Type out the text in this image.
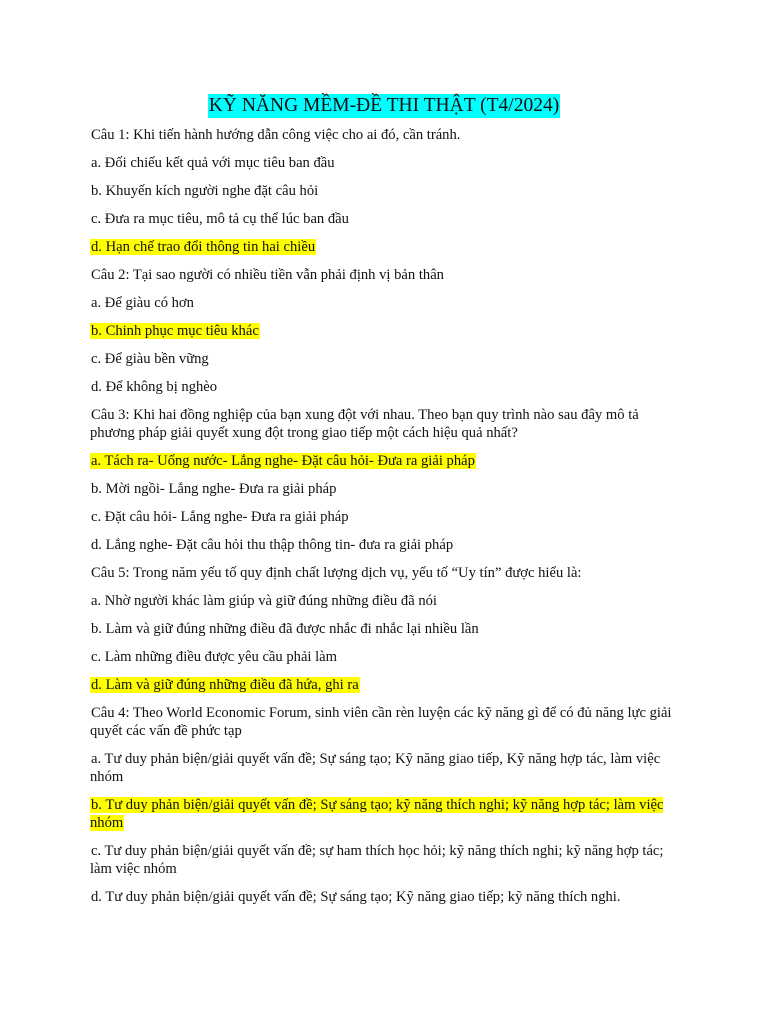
KỸ NĂNG MỀM-ĐỀ THI THẬT (T4/2024)

Câu 1: Khi tiến hành hướng dẫn công việc cho ai đó, cần tránh.

a. Đối chiếu kết quả với mục tiêu ban đầu

b. Khuyến kích người nghe đặt câu hỏi

c. Đưa ra mục tiêu, mô tả cụ thể lúc ban đầu

d. Hạn chế trao đổi thông tin hai chiều

Câu 2: Tại sao người có nhiều tiền vẫn phải định vị bản thân

a. Để giàu có hơn

b. Chinh phục mục tiêu khác

c. Để giàu bền vững

d. Để không bị nghèo

Câu 3: Khi hai đồng nghiệp của bạn xung đột với nhau. Theo bạn quy trình nào sau đây mô tả phương pháp giải quyết xung đột trong giao tiếp một cách hiệu quả nhất?

a. Tách ra- Uống nước- Lắng nghe- Đặt câu hỏi- Đưa ra giải pháp

b. Mời ngồi- Lắng nghe- Đưa ra giải pháp

c. Đặt câu hỏi- Lắng nghe- Đưa ra giải pháp

d. Lắng nghe- Đặt câu hỏi thu thập thông tin- đưa ra giải pháp

Câu 5: Trong năm yếu tố quy định chất lượng dịch vụ, yếu tố “Uy tín” được hiểu là:

a. Nhờ người khác làm giúp và giữ đúng những điều đã nói

b. Làm và giữ đúng những điều đã được nhắc đi nhắc lại nhiều lần

c. Làm những điều được yêu cầu phải làm

d. Làm và giữ đúng những điều đã hứa, ghi ra

Câu 4: Theo World Economic Forum, sinh viên cần rèn luyện các kỹ năng gì để có đủ năng lực giải quyết các vấn đề phức tạp

a. Tư duy phản biện/giải quyết vấn đề; Sự sáng tạo; Kỹ năng giao tiếp, Kỹ năng hợp tác, làm việc nhóm

b. Tư duy phản biện/giải quyết vấn đề; Sự sáng tạo; kỹ năng thích nghi; kỹ năng hợp tác; làm việc nhóm

c. Tư duy phản biện/giải quyết vấn đề; sự ham thích học hỏi; kỹ năng thích nghi; kỹ năng hợp tác; làm việc nhóm

d. Tư duy phản biện/giải quyết vấn đề; Sự sáng tạo; Kỹ năng giao tiếp; kỹ năng thích nghi.
